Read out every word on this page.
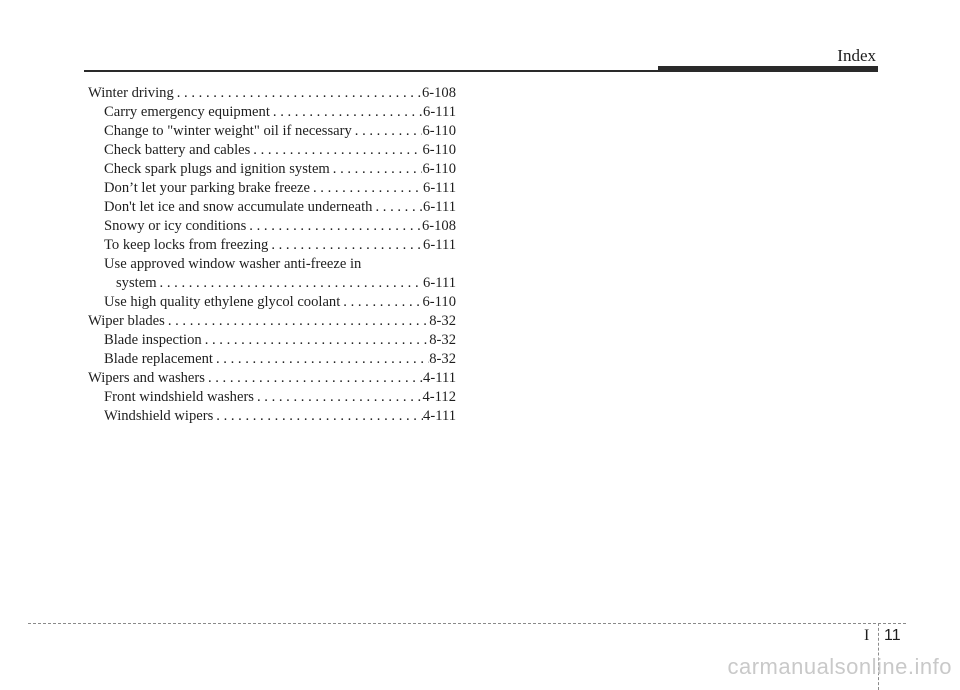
Index
Winter driving . . .	6-108
Carry emergency equipment . . .	6-111
Change to "winter weight" oil if necessary . . .	6-110
Check battery and cables . . .	6-110
Check spark plugs and ignition system . . .	6-110
Don’t let your parking brake freeze . . .	6-111
Don't let ice and snow accumulate underneath . . .	6-111
Snowy or icy conditions . . .	6-108
To keep locks from freezing . . .	6-111
Use approved window washer anti-freeze in
system . . .	6-111
Use high quality ethylene glycol coolant . . .	6-110
Wiper blades . . .	8-32
Blade inspection . . .	8-32
Blade replacement . . .	8-32
Wipers and washers . . .	4-111
Front windshield washers . . .	4-112
Windshield wipers . . .	4-111
I 11
carmanualsonline.info
